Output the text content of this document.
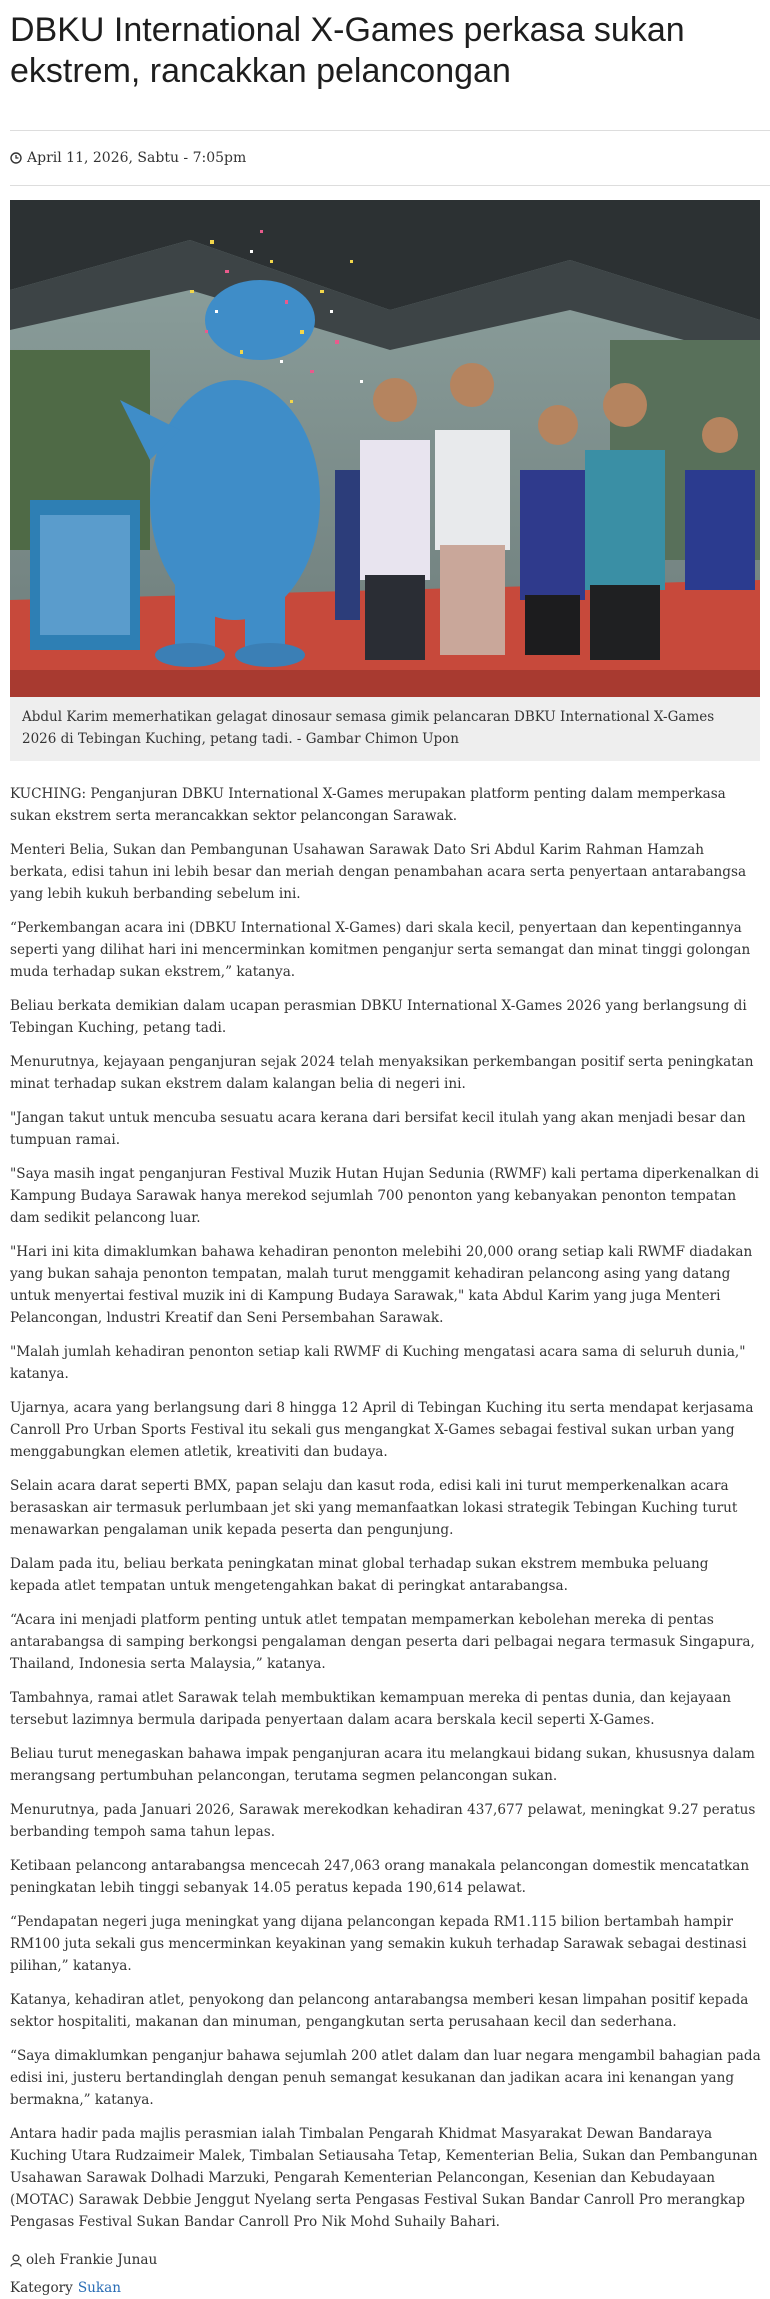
DBKU International X-Games perkasa sukan ekstrem, rancakkan pelancongan
April 11, 2026, Sabtu - 7:05pm
Abdul Karim memerhatikan gelagat dinosaur semasa gimik pelancaran DBKU International X-Games 2026 di Tebingan Kuching, petang tadi. - Gambar Chimon Upon

KUCHING: Penganjuran DBKU International X-Games merupakan platform penting dalam memperkasa sukan ekstrem serta merancakkan sektor pelancongan Sarawak.

Menteri Belia, Sukan dan Pembangunan Usahawan Sarawak Dato Sri Abdul Karim Rahman Hamzah berkata, edisi tahun ini lebih besar dan meriah dengan penambahan acara serta penyertaan antarabangsa yang lebih kukuh berbanding sebelum ini.

“Perkembangan acara ini (DBKU International X-Games) dari skala kecil, penyertaan dan kepentingannya seperti yang dilihat hari ini mencerminkan komitmen penganjur serta semangat dan minat tinggi golongan muda terhadap sukan ekstrem,” katanya.

Beliau berkata demikian dalam ucapan perasmian DBKU International X-Games 2026 yang berlangsung di Tebingan Kuching, petang tadi.

Menurutnya, kejayaan penganjuran sejak 2024 telah menyaksikan perkembangan positif serta peningkatan minat terhadap sukan ekstrem dalam kalangan belia di negeri ini.

"Jangan takut untuk mencuba sesuatu acara kerana dari bersifat kecil itulah yang akan menjadi besar dan tumpuan ramai.

"Saya masih ingat penganjuran Festival Muzik Hutan Hujan Sedunia (RWMF) kali pertama diperkenalkan di Kampung Budaya Sarawak hanya merekod sejumlah 700 penonton yang kebanyakan penonton tempatan dam sedikit pelancong luar.

"Hari ini kita dimaklumkan bahawa kehadiran penonton melebihi 20,000 orang setiap kali RWMF diadakan yang bukan sahaja penonton tempatan, malah turut menggamit kehadiran pelancong asing yang datang untuk menyertai festival muzik ini di Kampung Budaya Sarawak," kata Abdul Karim yang juga Menteri Pelancongan, lndustri Kreatif dan Seni Persembahan Sarawak.

"Malah jumlah kehadiran penonton setiap kali RWMF di Kuching mengatasi acara sama di seluruh dunia," katanya.

Ujarnya, acara yang berlangsung dari 8 hingga 12 April di Tebingan Kuching itu serta mendapat kerjasama Canroll Pro Urban Sports Festival itu sekali gus mengangkat X-Games sebagai festival sukan urban yang menggabungkan elemen atletik, kreativiti dan budaya.

Selain acara darat seperti BMX, papan selaju dan kasut roda, edisi kali ini turut memperkenalkan acara berasaskan air termasuk perlumbaan jet ski yang memanfaatkan lokasi strategik Tebingan Kuching turut menawarkan pengalaman unik kepada peserta dan pengunjung.

Dalam pada itu, beliau berkata peningkatan minat global terhadap sukan ekstrem membuka peluang kepada atlet tempatan untuk mengetengahkan bakat di peringkat antarabangsa.

“Acara ini menjadi platform penting untuk atlet tempatan mempamerkan kebolehan mereka di pentas antarabangsa di samping berkongsi pengalaman dengan peserta dari pelbagai negara termasuk Singapura, Thailand, Indonesia serta Malaysia,” katanya.

Tambahnya, ramai atlet Sarawak telah membuktikan kemampuan mereka di pentas dunia, dan kejayaan tersebut lazimnya bermula daripada penyertaan dalam acara berskala kecil seperti X-Games.

Beliau turut menegaskan bahawa impak penganjuran acara itu melangkaui bidang sukan, khususnya dalam merangsang pertumbuhan pelancongan, terutama segmen pelancongan sukan.

Menurutnya, pada Januari 2026, Sarawak merekodkan kehadiran 437,677 pelawat, meningkat 9.27 peratus berbanding tempoh sama tahun lepas.

Ketibaan pelancong antarabangsa mencecah 247,063 orang manakala pelancongan domestik mencatatkan peningkatan lebih tinggi sebanyak 14.05 peratus kepada 190,614 pelawat.

“Pendapatan negeri juga meningkat yang dijana pelancongan kepada RM1.115 bilion bertambah hampir RM100 juta sekali gus mencerminkan keyakinan yang semakin kukuh terhadap Sarawak sebagai destinasi pilihan,” katanya.

Katanya, kehadiran atlet, penyokong dan pelancong antarabangsa memberi kesan limpahan positif kepada sektor hospitaliti, makanan dan minuman, pengangkutan serta perusahaan kecil dan sederhana.

“Saya dimaklumkan penganjur bahawa sejumlah 200 atlet dalam dan luar negara mengambil bahagian pada edisi ini, justeru bertandinglah dengan penuh semangat kesukanan dan jadikan acara ini kenangan yang bermakna,” katanya.

Antara hadir pada majlis perasmian ialah Timbalan Pengarah Khidmat Masyarakat Dewan Bandaraya Kuching Utara Rudzaimeir Malek, Timbalan Setiausaha Tetap, Kementerian Belia, Sukan dan Pembangunan Usahawan Sarawak Dolhadi Marzuki, Pengarah Kementerian Pelancongan, Kesenian dan Kebudayaan (MOTAC) Sarawak Debbie Jenggut Nyelang serta Pengasas Festival Sukan Bandar Canroll Pro merangkap Pengasas Festival Sukan Bandar Canroll Pro Nik Mohd Suhaily Bahari.

oleh Frankie Junau
Kategory Sukan
